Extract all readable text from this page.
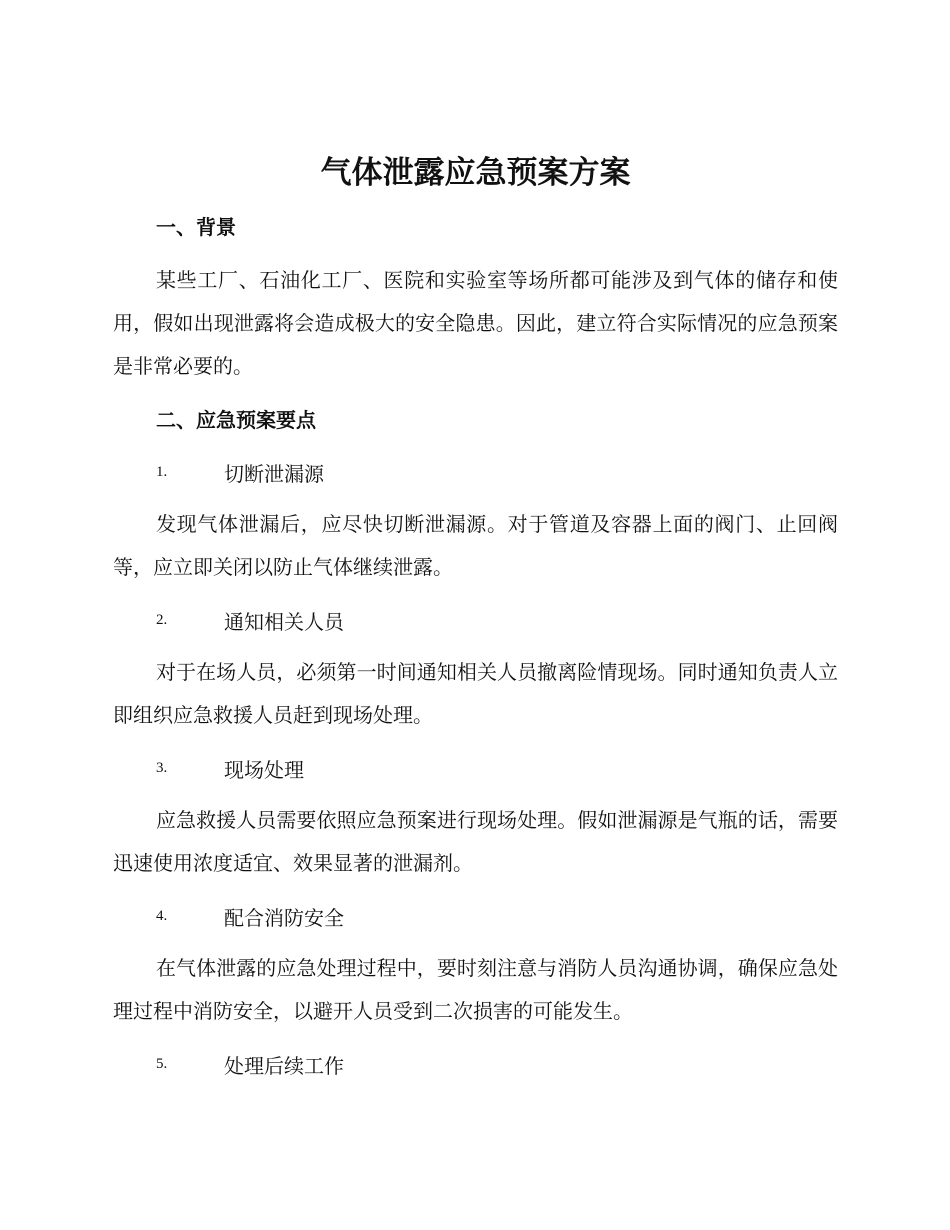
气体泄露应急预案方案
一、背景

某些工厂、石油化工厂、医院和实验室等场所都可能涉及到气体的储存和使用，假如出现泄露将会造成极大的安全隐患。因此，建立符合实际情况的应急预案是非常必要的。

二、应急预案要点
1.	切断泄漏源

发现气体泄漏后，应尽快切断泄漏源。对于管道及容器上面的阀门、止回阀等，应立即关闭以防止气体继续泄露。

2.	通知相关人员

对于在场人员，必须第一时间通知相关人员撤离险情现场。同时通知负责人立即组织应急救援人员赶到现场处理。

3.	现场处理

应急救援人员需要依照应急预案进行现场处理。假如泄漏源是气瓶的话，需要迅速使用浓度适宜、效果显著的泄漏剂。

4.	配合消防安全

在气体泄露的应急处理过程中，要时刻注意与消防人员沟通协调，确保应急处理过程中消防安全，以避开人员受到二次损害的可能发生。

5.	处理后续工作
